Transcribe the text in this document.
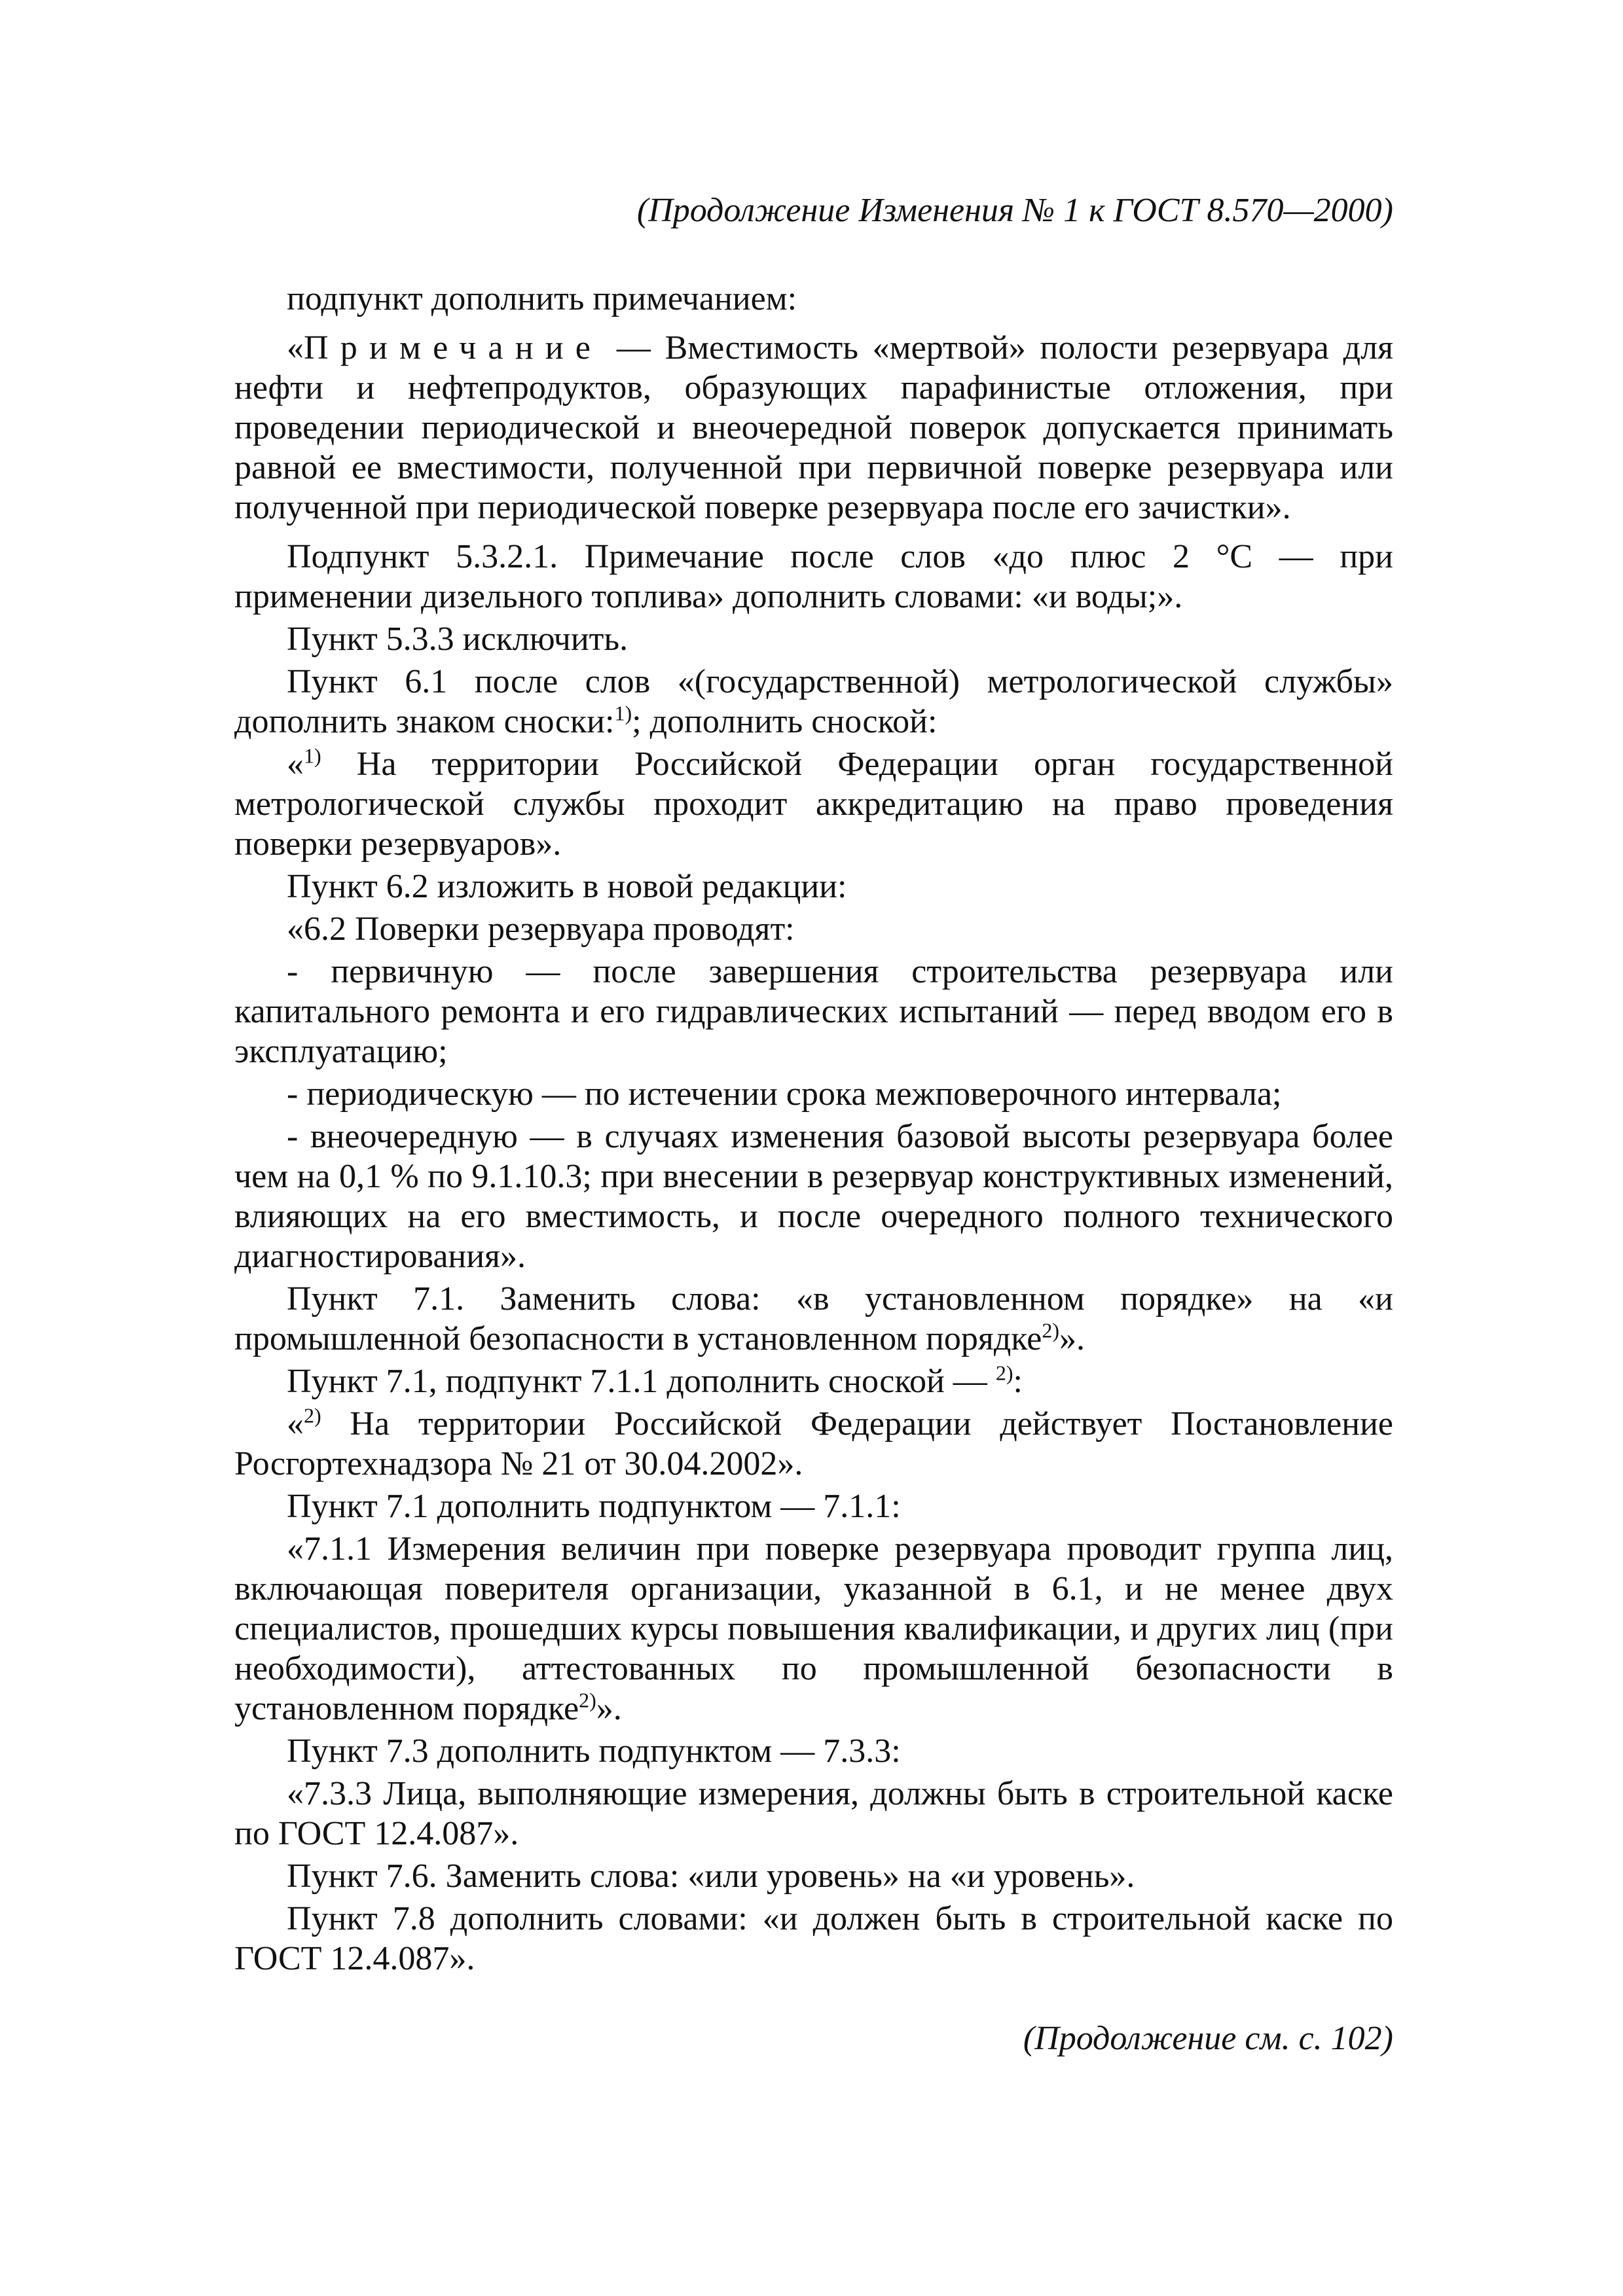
(Продолжение Изменения № 1 к ГОСТ 8.570—2000)

подпункт дополнить примечанием:

«Примечание — Вместимость «мертвой» полости резервуара для нефти и нефтепродуктов, образующих парафинистые отложения, при проведении периодической и внеочередной поверок допускается принимать равной ее вместимости, полученной при первичной поверке резервуара или полученной при периодической поверке резервуара после его зачистки».

Подпункт 5.3.2.1. Примечание после слов «до плюс 2 °С — при применении дизельного топлива» дополнить словами: «и воды;».

Пункт 5.3.3 исключить.

Пункт 6.1 после слов «(государственной) метрологической службы» дополнить знаком сноски:$^{1)}$; дополнить сноской:

«$^{1)}$ На территории Российской Федерации орган государственной метрологической службы проходит аккредитацию на право проведения поверки резервуаров».

Пункт 6.2 изложить в новой редакции:

«6.2 Поверки резервуара проводят:

- первичную — после завершения строительства резервуара или капитального ремонта и его гидравлических испытаний — перед вводом его в эксплуатацию;

- периодическую — по истечении срока межповерочного интервала;

- внеочередную — в случаях изменения базовой высоты резервуара более чем на 0,1 % по 9.1.10.3; при внесении в резервуар конструктивных изменений, влияющих на его вместимость, и после очередного полного технического диагностирования».

Пункт 7.1. Заменить слова: «в установленном порядке» на «и промышленной безопасности в установленном порядке$^{2)}$».

Пункт 7.1, подпункт 7.1.1 дополнить сноской — $^{2)}$:

«$^{2)}$ На территории Российской Федерации действует Постановление Росгортехнадзора № 21 от 30.04.2002».

Пункт 7.1 дополнить подпунктом — 7.1.1:

«7.1.1 Измерения величин при поверке резервуара проводит группа лиц, включающая поверителя организации, указанной в 6.1, и не менее двух специалистов, прошедших курсы повышения квалификации, и других лиц (при необходимости), аттестованных по промышленной безопасности в установленном порядке$^{2)}$».

Пункт 7.3 дополнить подпунктом — 7.3.3:

«7.3.3 Лица, выполняющие измерения, должны быть в строительной каске по ГОСТ 12.4.087».

Пункт 7.6. Заменить слова: «или уровень» на «и уровень».

Пункт 7.8 дополнить словами: «и должен быть в строительной каске по ГОСТ 12.4.087».

(Продолжение см. с. 102)
